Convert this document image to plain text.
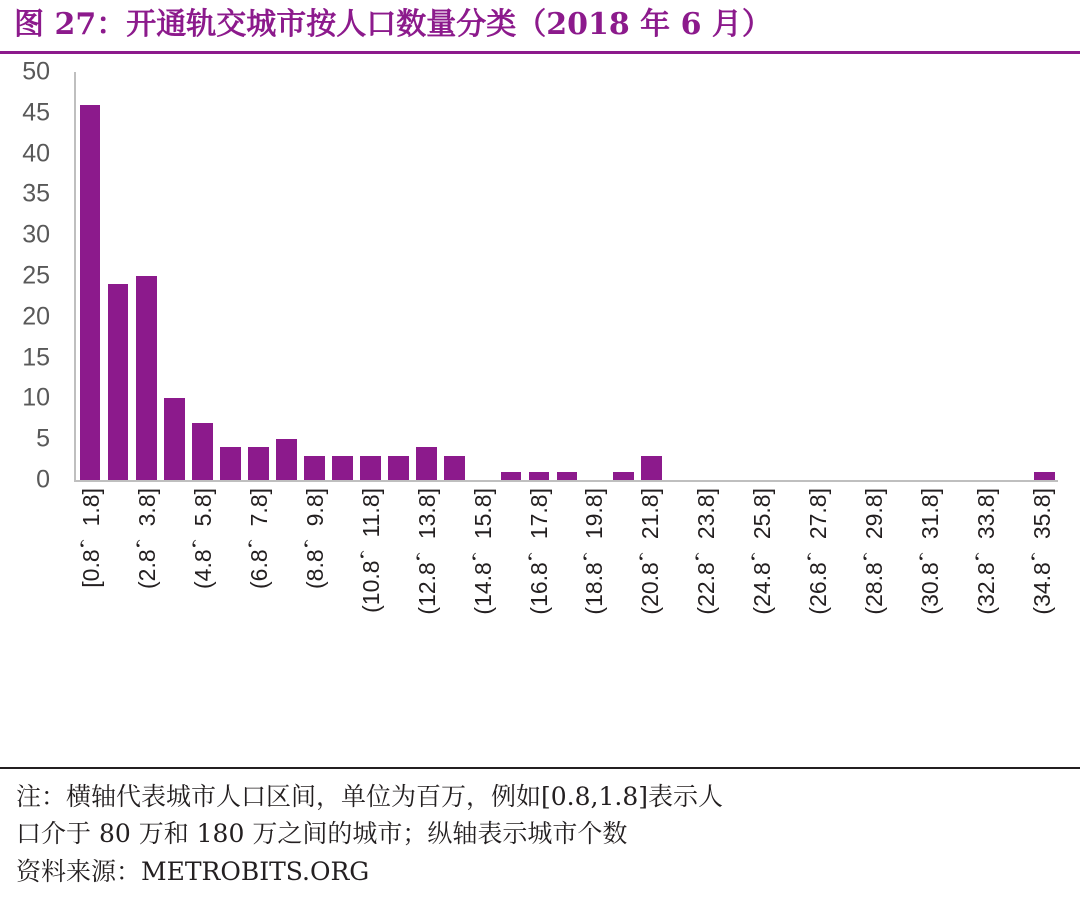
图 27：开通轨交城市按人口数量分类（2018 年 6 月）
50
45
40
35
30
25
20
15
10
5
0
[0.8，1.8] (2.8，3.8] (4.8，5.8] (6.8，7.8] (8.8，9.8] (10.8，11.8] (12.8，13.8] (14.8，15.8] (16.8，17.8] (18.8，19.8] (20.8，21.8] (22.8，23.8] (24.8，25.8] (26.8，27.8] (28.8，29.8] (30.8，31.8] (32.8，33.8] (34.8，35.8]
注：横轴代表城市人口区间，单位为百万，例如[0.8,1.8]表示人
口介于 80 万和 180 万之间的城市；纵轴表示城市个数
资料来源：METROBITS.ORG
